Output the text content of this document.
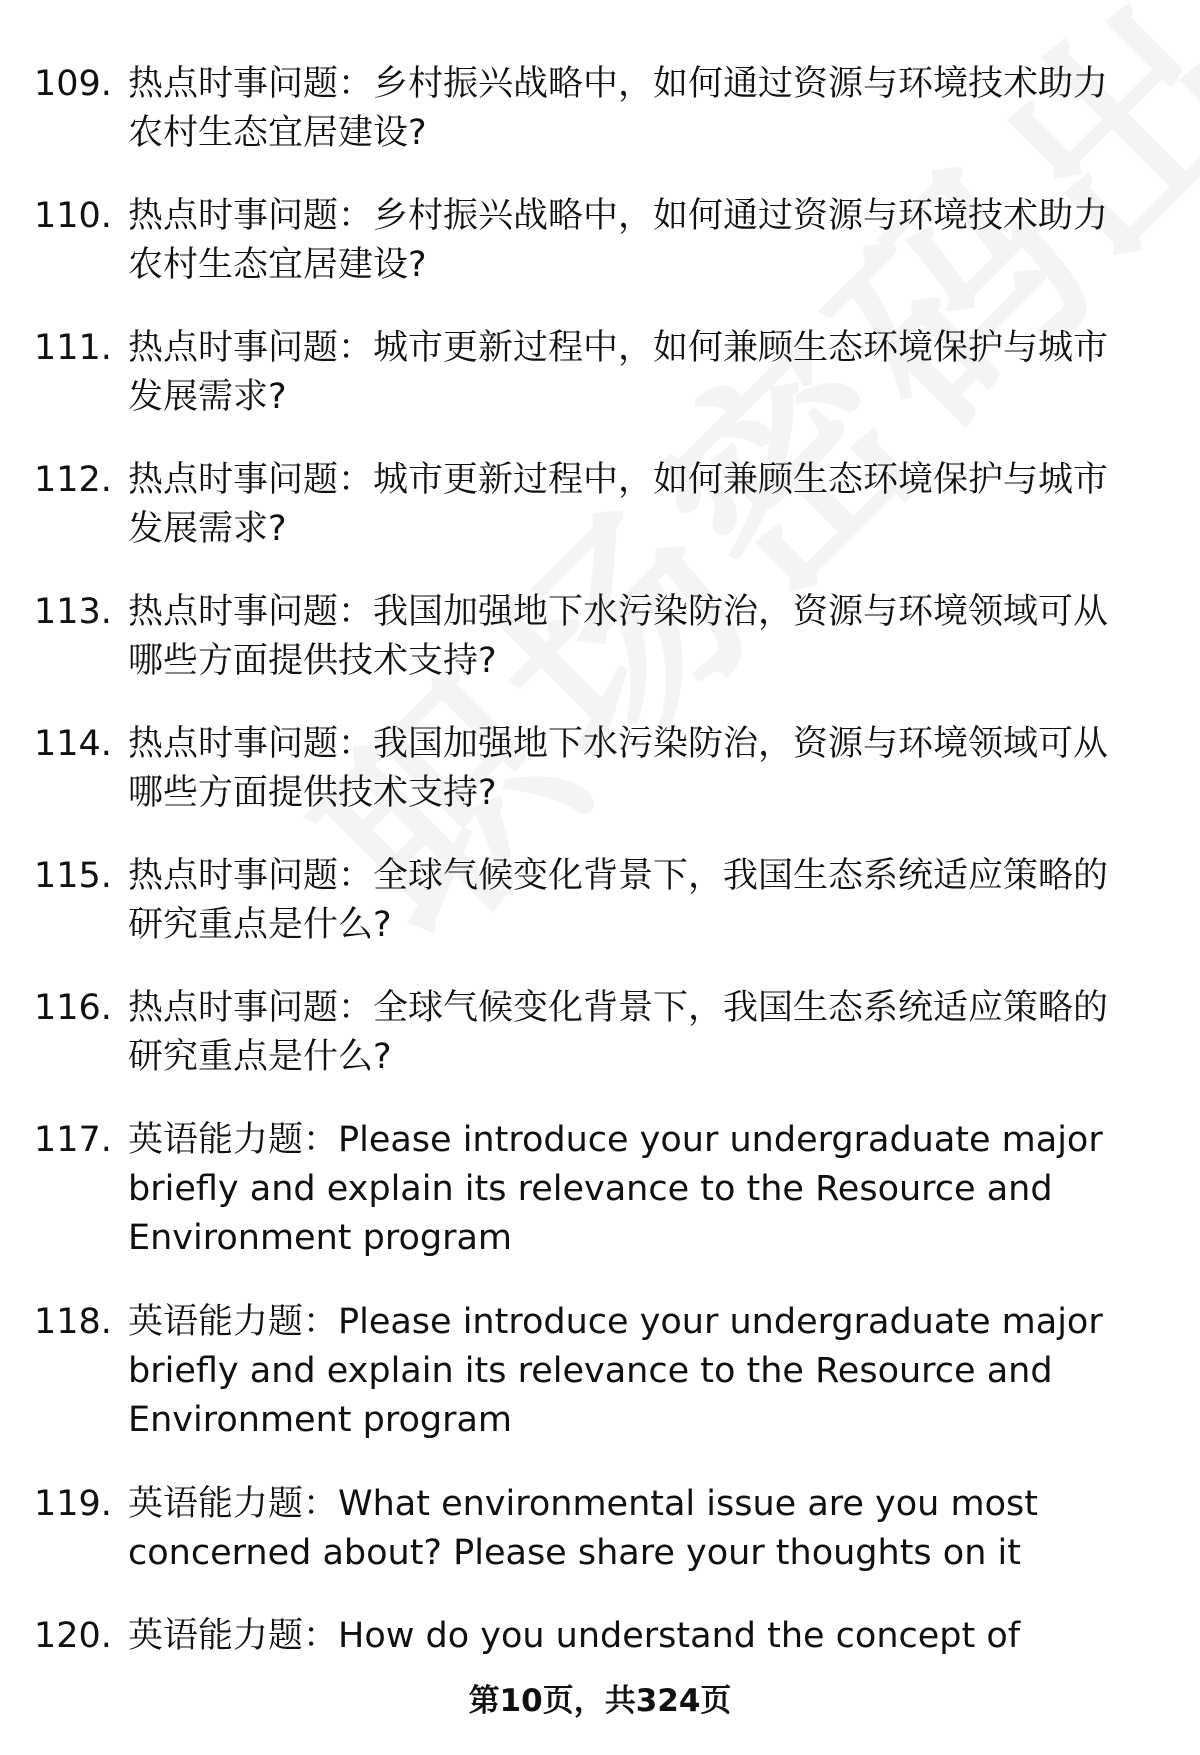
109. 热点时事问题：乡村振兴战略中，如何通过资源与环境技术助力农村生态宜居建设?
110. 热点时事问题：乡村振兴战略中，如何通过资源与环境技术助力农村生态宜居建设?
111. 热点时事问题：城市更新过程中，如何兼顾生态环境保护与城市发展需求?
112. 热点时事问题：城市更新过程中，如何兼顾生态环境保护与城市发展需求?
113. 热点时事问题：我国加强地下水污染防治，资源与环境领域可从哪些方面提供技术支持?
114. 热点时事问题：我国加强地下水污染防治，资源与环境领域可从哪些方面提供技术支持?
115. 热点时事问题：全球气候变化背景下，我国生态系统适应策略的研究重点是什么?
116. 热点时事问题：全球气候变化背景下，我国生态系统适应策略的研究重点是什么?
117. 英语能力题：Please introduce your undergraduate major briefly and explain its relevance to the Resource and Environment program
118. 英语能力题：Please introduce your undergraduate major briefly and explain its relevance to the Resource and Environment program
119. 英语能力题：What environmental issue are you most concerned about? Please share your thoughts on it
120. 英语能力题：How do you understand the concept of
第10页，共324页
